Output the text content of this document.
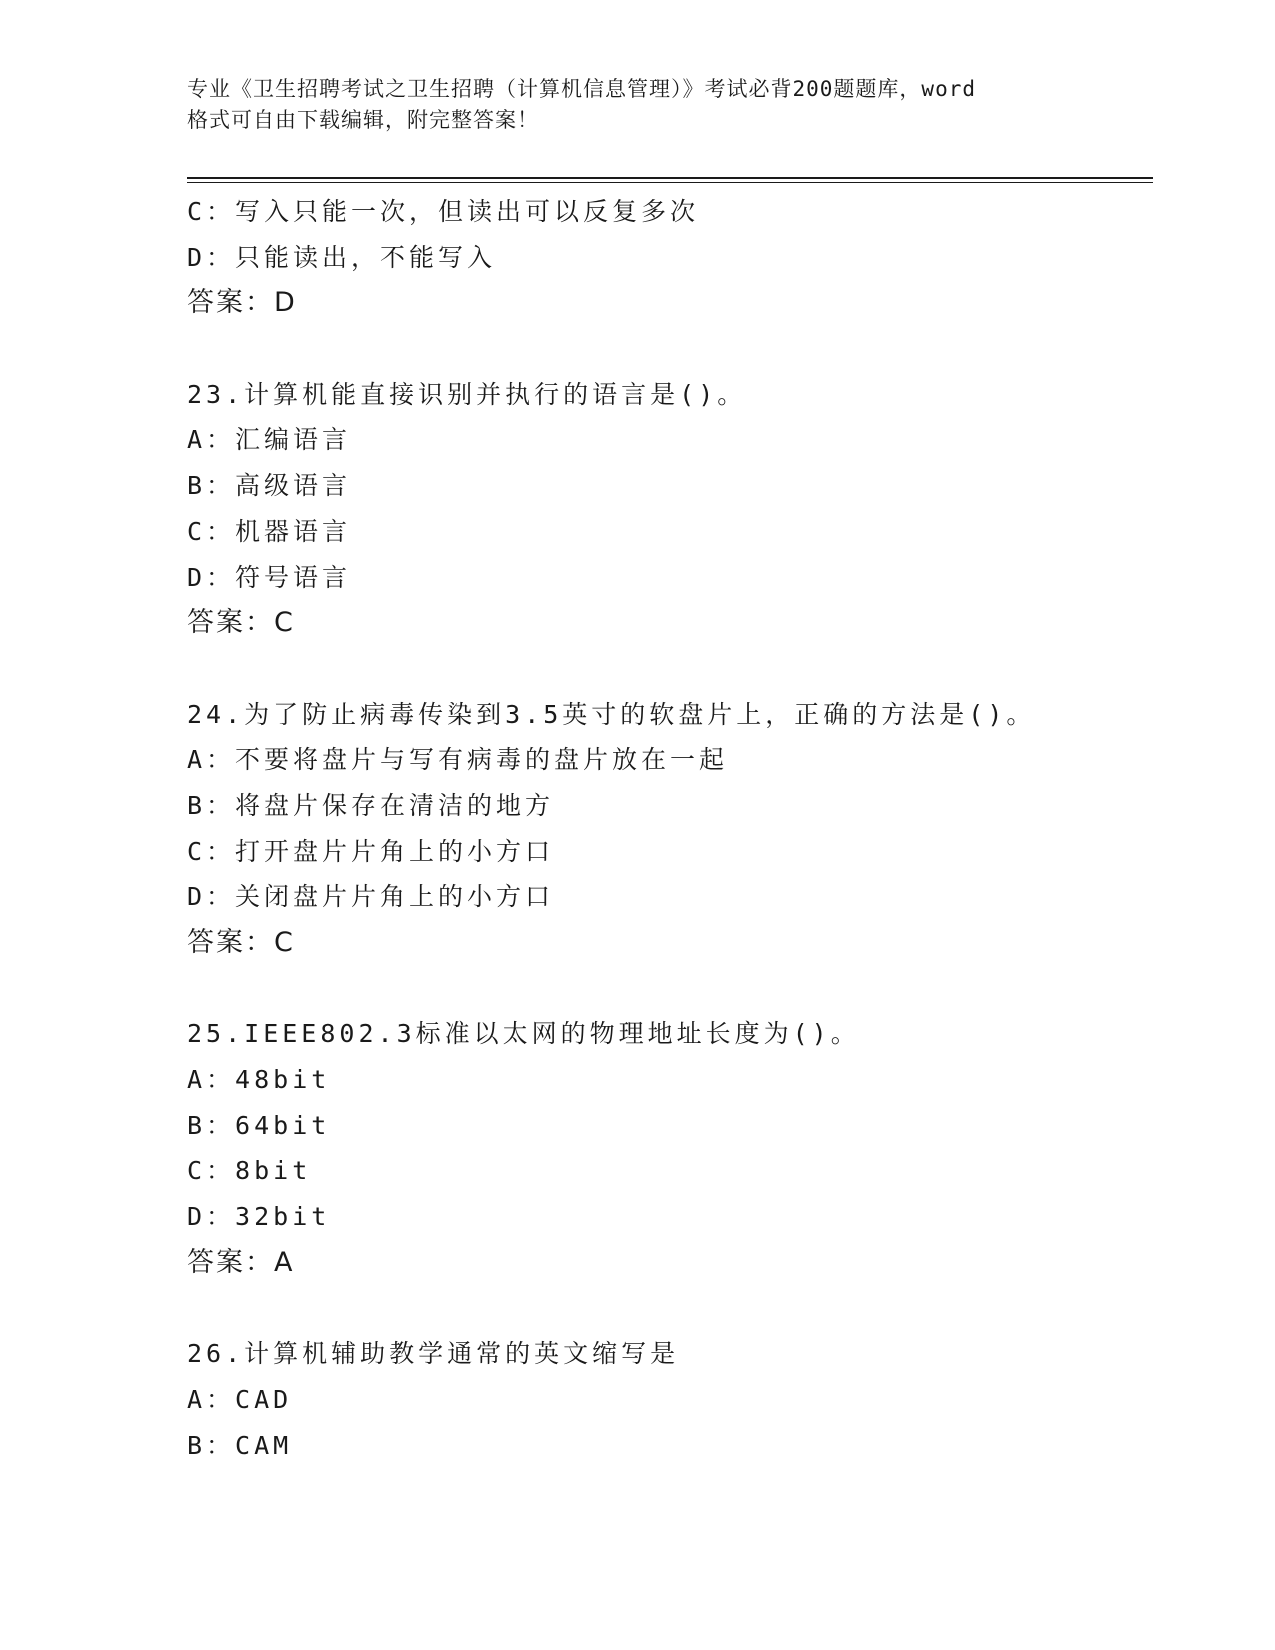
专业《卫生招聘考试之卫生招聘（计算机信息管理）》考试必背200题题库，word
格式可自由下载编辑，附完整答案！
C：写入只能一次，但读出可以反复多次
D：只能读出，不能写入
答案：D
23.计算机能直接识别并执行的语言是()。
A：汇编语言
B：高级语言
C：机器语言
D：符号语言
答案：C
24.为了防止病毒传染到3.5英寸的软盘片上，正确的方法是()。
A：不要将盘片与写有病毒的盘片放在一起
B：将盘片保存在清洁的地方
C：打开盘片片角上的小方口
D：关闭盘片片角上的小方口
答案：C
25.IEEE802.3标准以太网的物理地址长度为()。
A：48bit
B：64bit
C：8bit
D：32bit
答案：A
26.计算机辅助教学通常的英文缩写是
A：CAD
B：CAM
